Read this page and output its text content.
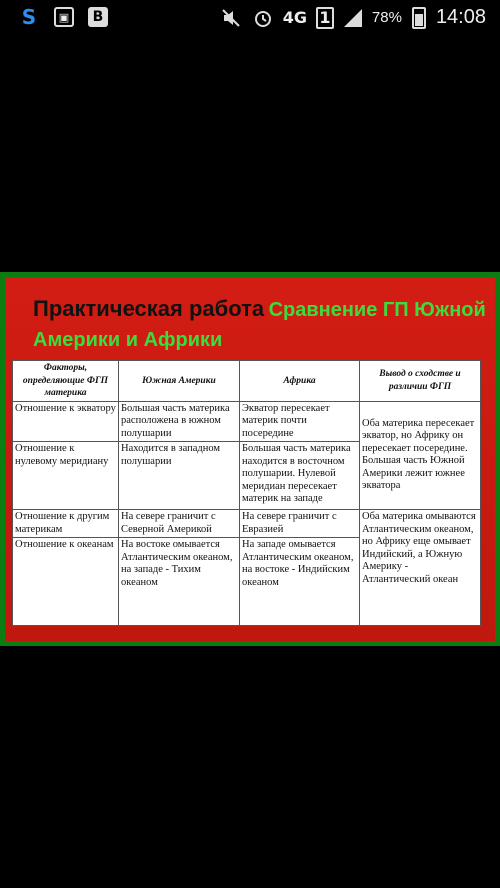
S	▣	В	4G 1	78% 14:08
Практическая работа Сравнение ГП Южной Америки и Африки
Факторы, определяющие ФГП материка	Южная Америки	Африка	Вывод о сходстве и различии ФГП
Отношение к экватору	Большая часть материка расположена в южном полушарии	Экватор пересекает материк почти посередине	Оба материка пересекает экватор, но Африку он пересекает посередине. Большая часть Южной Америки лежит южнее экватора
Отношение к нулевому меридиану	Находится в западном полушарии	Большая часть материка находится в восточном полушарии. Нулевой меридиан пересекает материк на западе	
Отношение к другим материкам	На севере граничит с Северной Америкой	На севере граничит с Евразией	Оба материка омываются Атлантическим океаном, но Африку еще омывает Индийский, а Южную Америку - Атлантический океан
Отношение к океанам	На востоке омывается Атлантическим океаном, на западе - Тихим океаном	На западе омывается Атлантическим океаном, на востоке - Индийским океаном	
